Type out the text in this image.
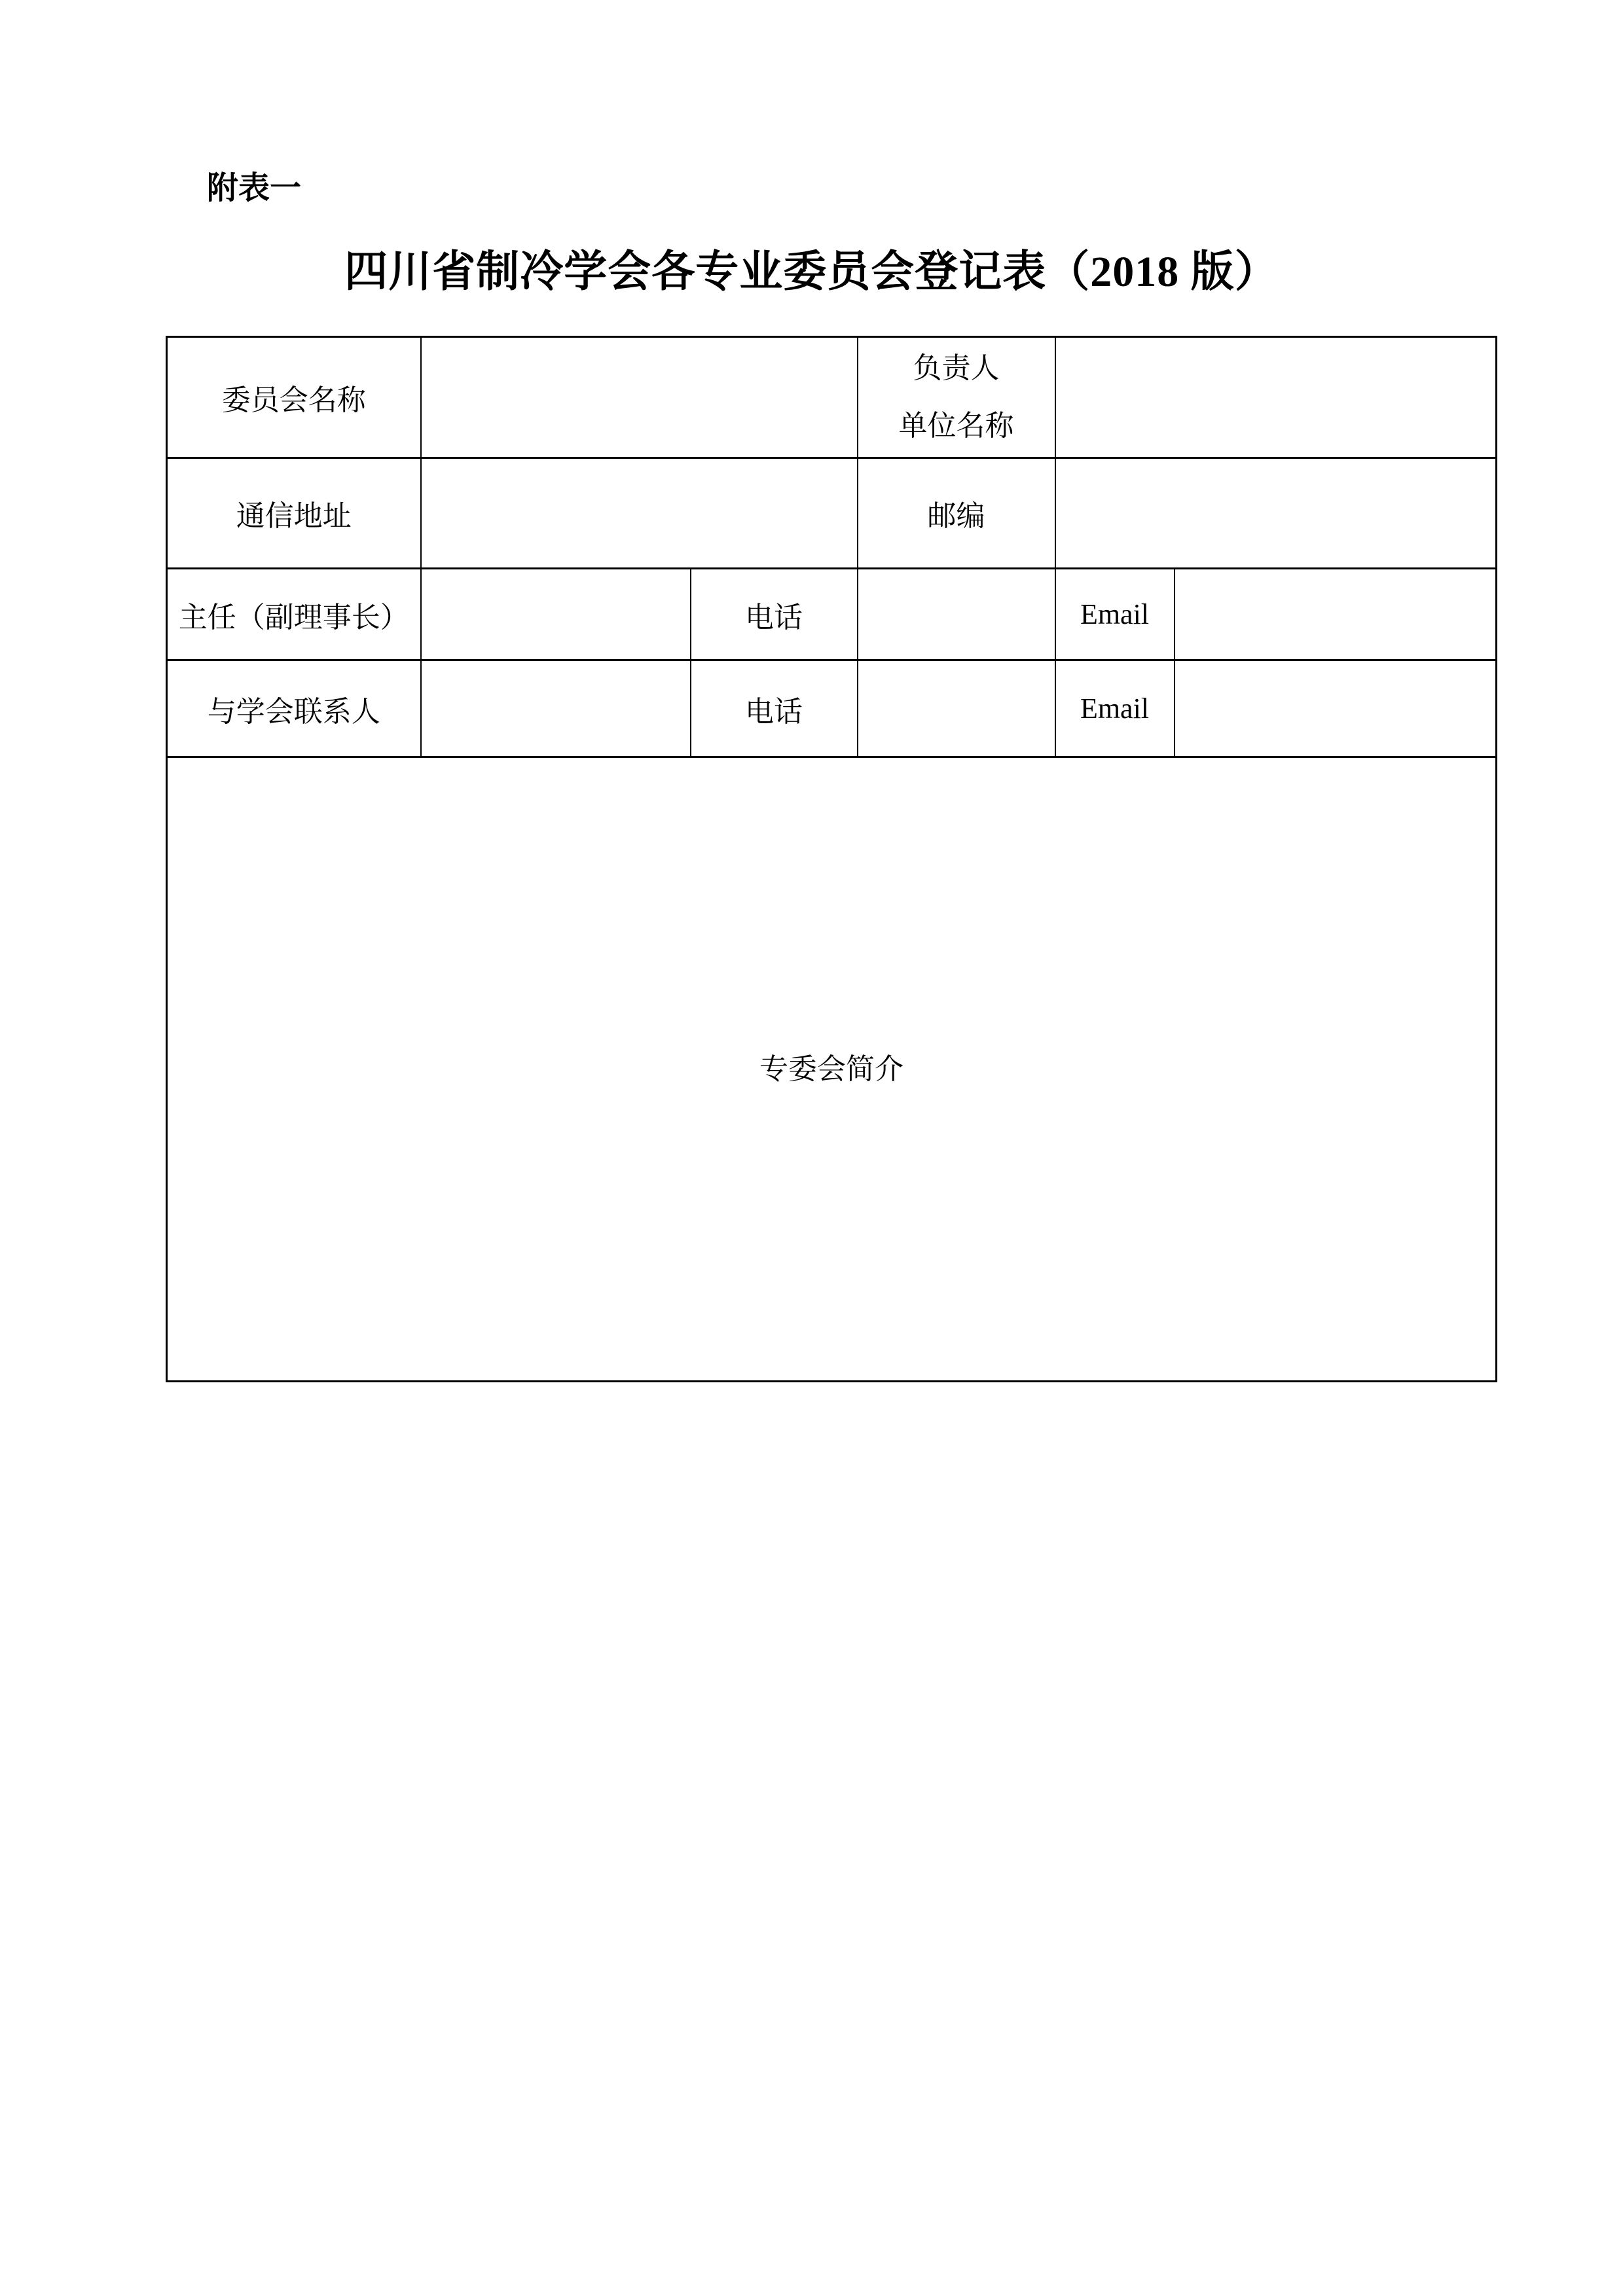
附表一
四川省制冷学会各专业委员会登记表（2018 版）
委员会名称			负责人
单位名称		

通信地址			邮编		
主任（副理事长）		电话		Email	
与学会联系人		电话		Email	
专委会简介					
